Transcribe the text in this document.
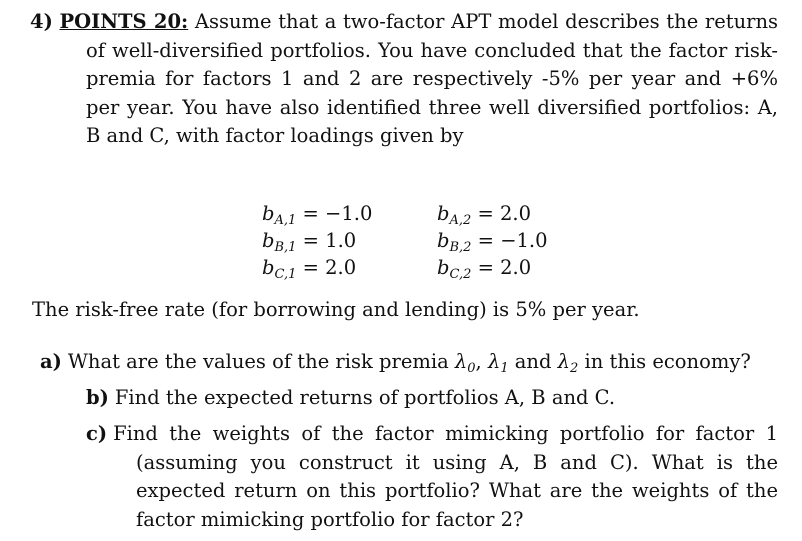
4) POINTS 20: Assume that a two-factor APT model describes the returns of well-diversified portfolios. You have concluded that the factor risk-premia for factors 1 and 2 are respectively -5% per year and +6% per year. You have also identified three well diversified portfolios: A, B and C, with factor loadings given by

$b_{A,1} = -1.0$	$b_{A,2} = 2.0$
$b_{B,1} = 1.0$	$b_{B,2} = -1.0$
$b_{C,1} = 2.0$	$b_{C,2} = 2.0$
The risk-free rate (for borrowing and lending) is 5% per year.
a) What are the values of the risk premia $\lambda_0$, $\lambda_1$ and $\lambda_2$ in this economy?
b) Find the expected returns of portfolios A, B and C.

c) Find the weights of the factor mimicking portfolio for factor 1 (assuming you construct it using A, B and C). What is the expected return on this portfolio? What are the weights of the factor mimicking portfolio for factor 2?
